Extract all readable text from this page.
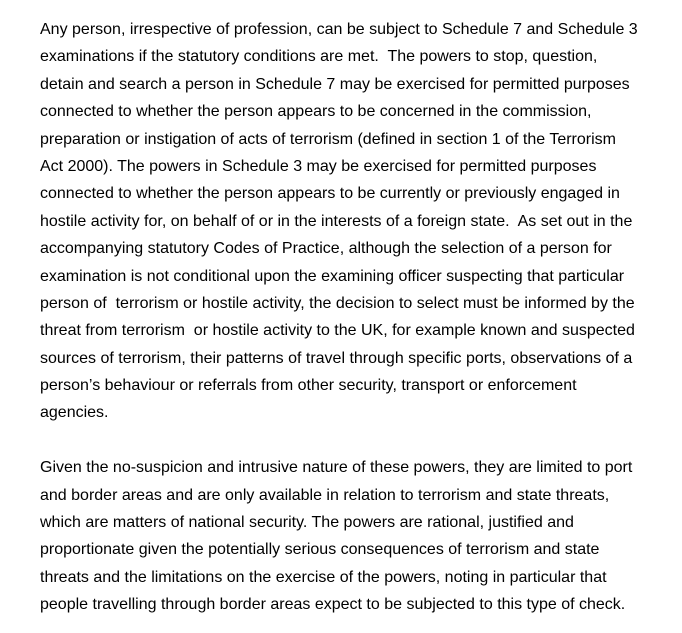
Any person, irrespective of profession, can be subject to Schedule 7 and Schedule 3
examinations if the statutory conditions are met.  The powers to stop, question,
detain and search a person in Schedule 7 may be exercised for permitted purposes
connected to whether the person appears to be concerned in the commission,
preparation or instigation of acts of terrorism (defined in section 1 of the Terrorism
Act 2000). The powers in Schedule 3 may be exercised for permitted purposes
connected to whether the person appears to be currently or previously engaged in
hostile activity for, on behalf of or in the interests of a foreign state.  As set out in the
accompanying statutory Codes of Practice, although the selection of a person for
examination is not conditional upon the examining officer suspecting that particular
person of  terrorism or hostile activity, the decision to select must be informed by the
threat from terrorism  or hostile activity to the UK, for example known and suspected
sources of terrorism, their patterns of travel through specific ports, observations of a
person’s behaviour or referrals from other security, transport or enforcement
agencies.
Given the no-suspicion and intrusive nature of these powers, they are limited to port
and border areas and are only available in relation to terrorism and state threats,
which are matters of national security. The powers are rational, justified and
proportionate given the potentially serious consequences of terrorism and state
threats and the limitations on the exercise of the powers, noting in particular that
people travelling through border areas expect to be subjected to this type of check.
